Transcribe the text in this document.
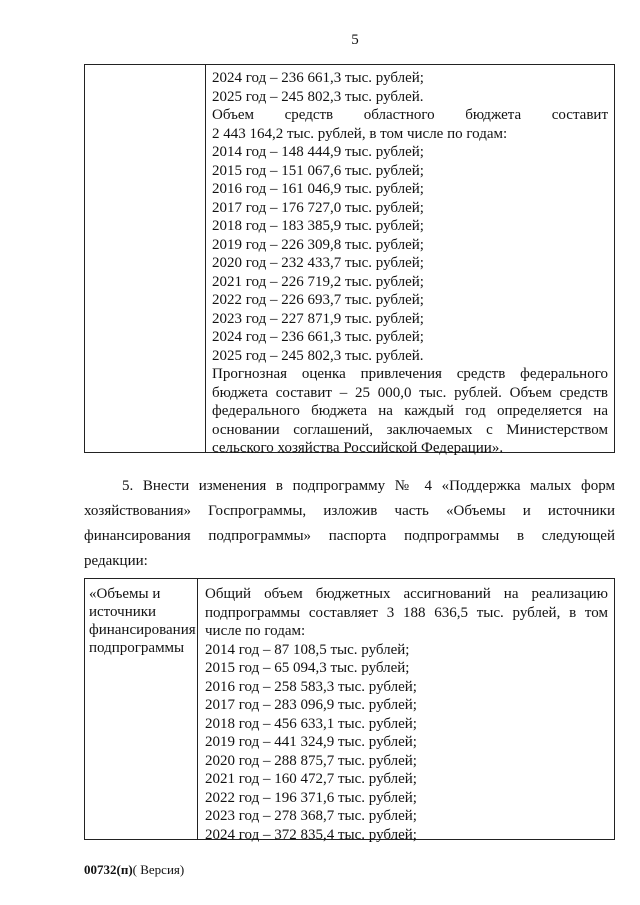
5
2024 год – 236 661,3 тыс. рублей;
2025 год – 245 802,3 тыс. рублей.
Объем средств областного бюджета составит
2 443 164,2 тыс. рублей, в том числе по годам:
2014 год – 148 444,9 тыс. рублей;
2015 год – 151 067,6 тыс. рублей;
2016 год – 161 046,9 тыс. рублей;
2017 год – 176 727,0 тыс. рублей;
2018 год – 183 385,9 тыс. рублей;
2019 год – 226 309,8 тыс. рублей;
2020 год – 232 433,7 тыс. рублей;
2021 год – 226 719,2 тыс. рублей;
2022 год – 226 693,7 тыс. рублей;
2023 год – 227 871,9 тыс. рублей;
2024 год – 236 661,3 тыс. рублей;
2025 год – 245 802,3 тыс. рублей.
Прогнозная оценка привлечения средств федерального
бюджета составит – 25 000,0 тыс. рублей. Объем средств
федерального бюджета на каждый год определяется на
основании соглашений, заключаемых с Министерством
сельского хозяйства Российской Федерации».
5. Внести изменения в подпрограмму № 4 «Поддержка малых форм
хозяйствования» Госпрограммы, изложив часть «Объемы и источники
финансирования подпрограммы» паспорта подпрограммы в следующей
редакции:
«Объемы и
источники
финансирования
подпрограммы
Общий объем бюджетных ассигнований на реализацию
подпрограммы составляет 3 188 636,5 тыс. рублей, в том
числе по годам:
2014 год – 87 108,5 тыс. рублей;
2015 год – 65 094,3 тыс. рублей;
2016 год – 258 583,3 тыс. рублей;
2017 год – 283 096,9 тыс. рублей;
2018 год – 456 633,1 тыс. рублей;
2019 год – 441 324,9 тыс. рублей;
2020 год – 288 875,7 тыс. рублей;
2021 год – 160 472,7 тыс. рублей;
2022 год – 196 371,6 тыс. рублей;
2023 год – 278 368,7 тыс. рублей;
2024 год – 372 835,4 тыс. рублей;
00732(п)( Версия)
